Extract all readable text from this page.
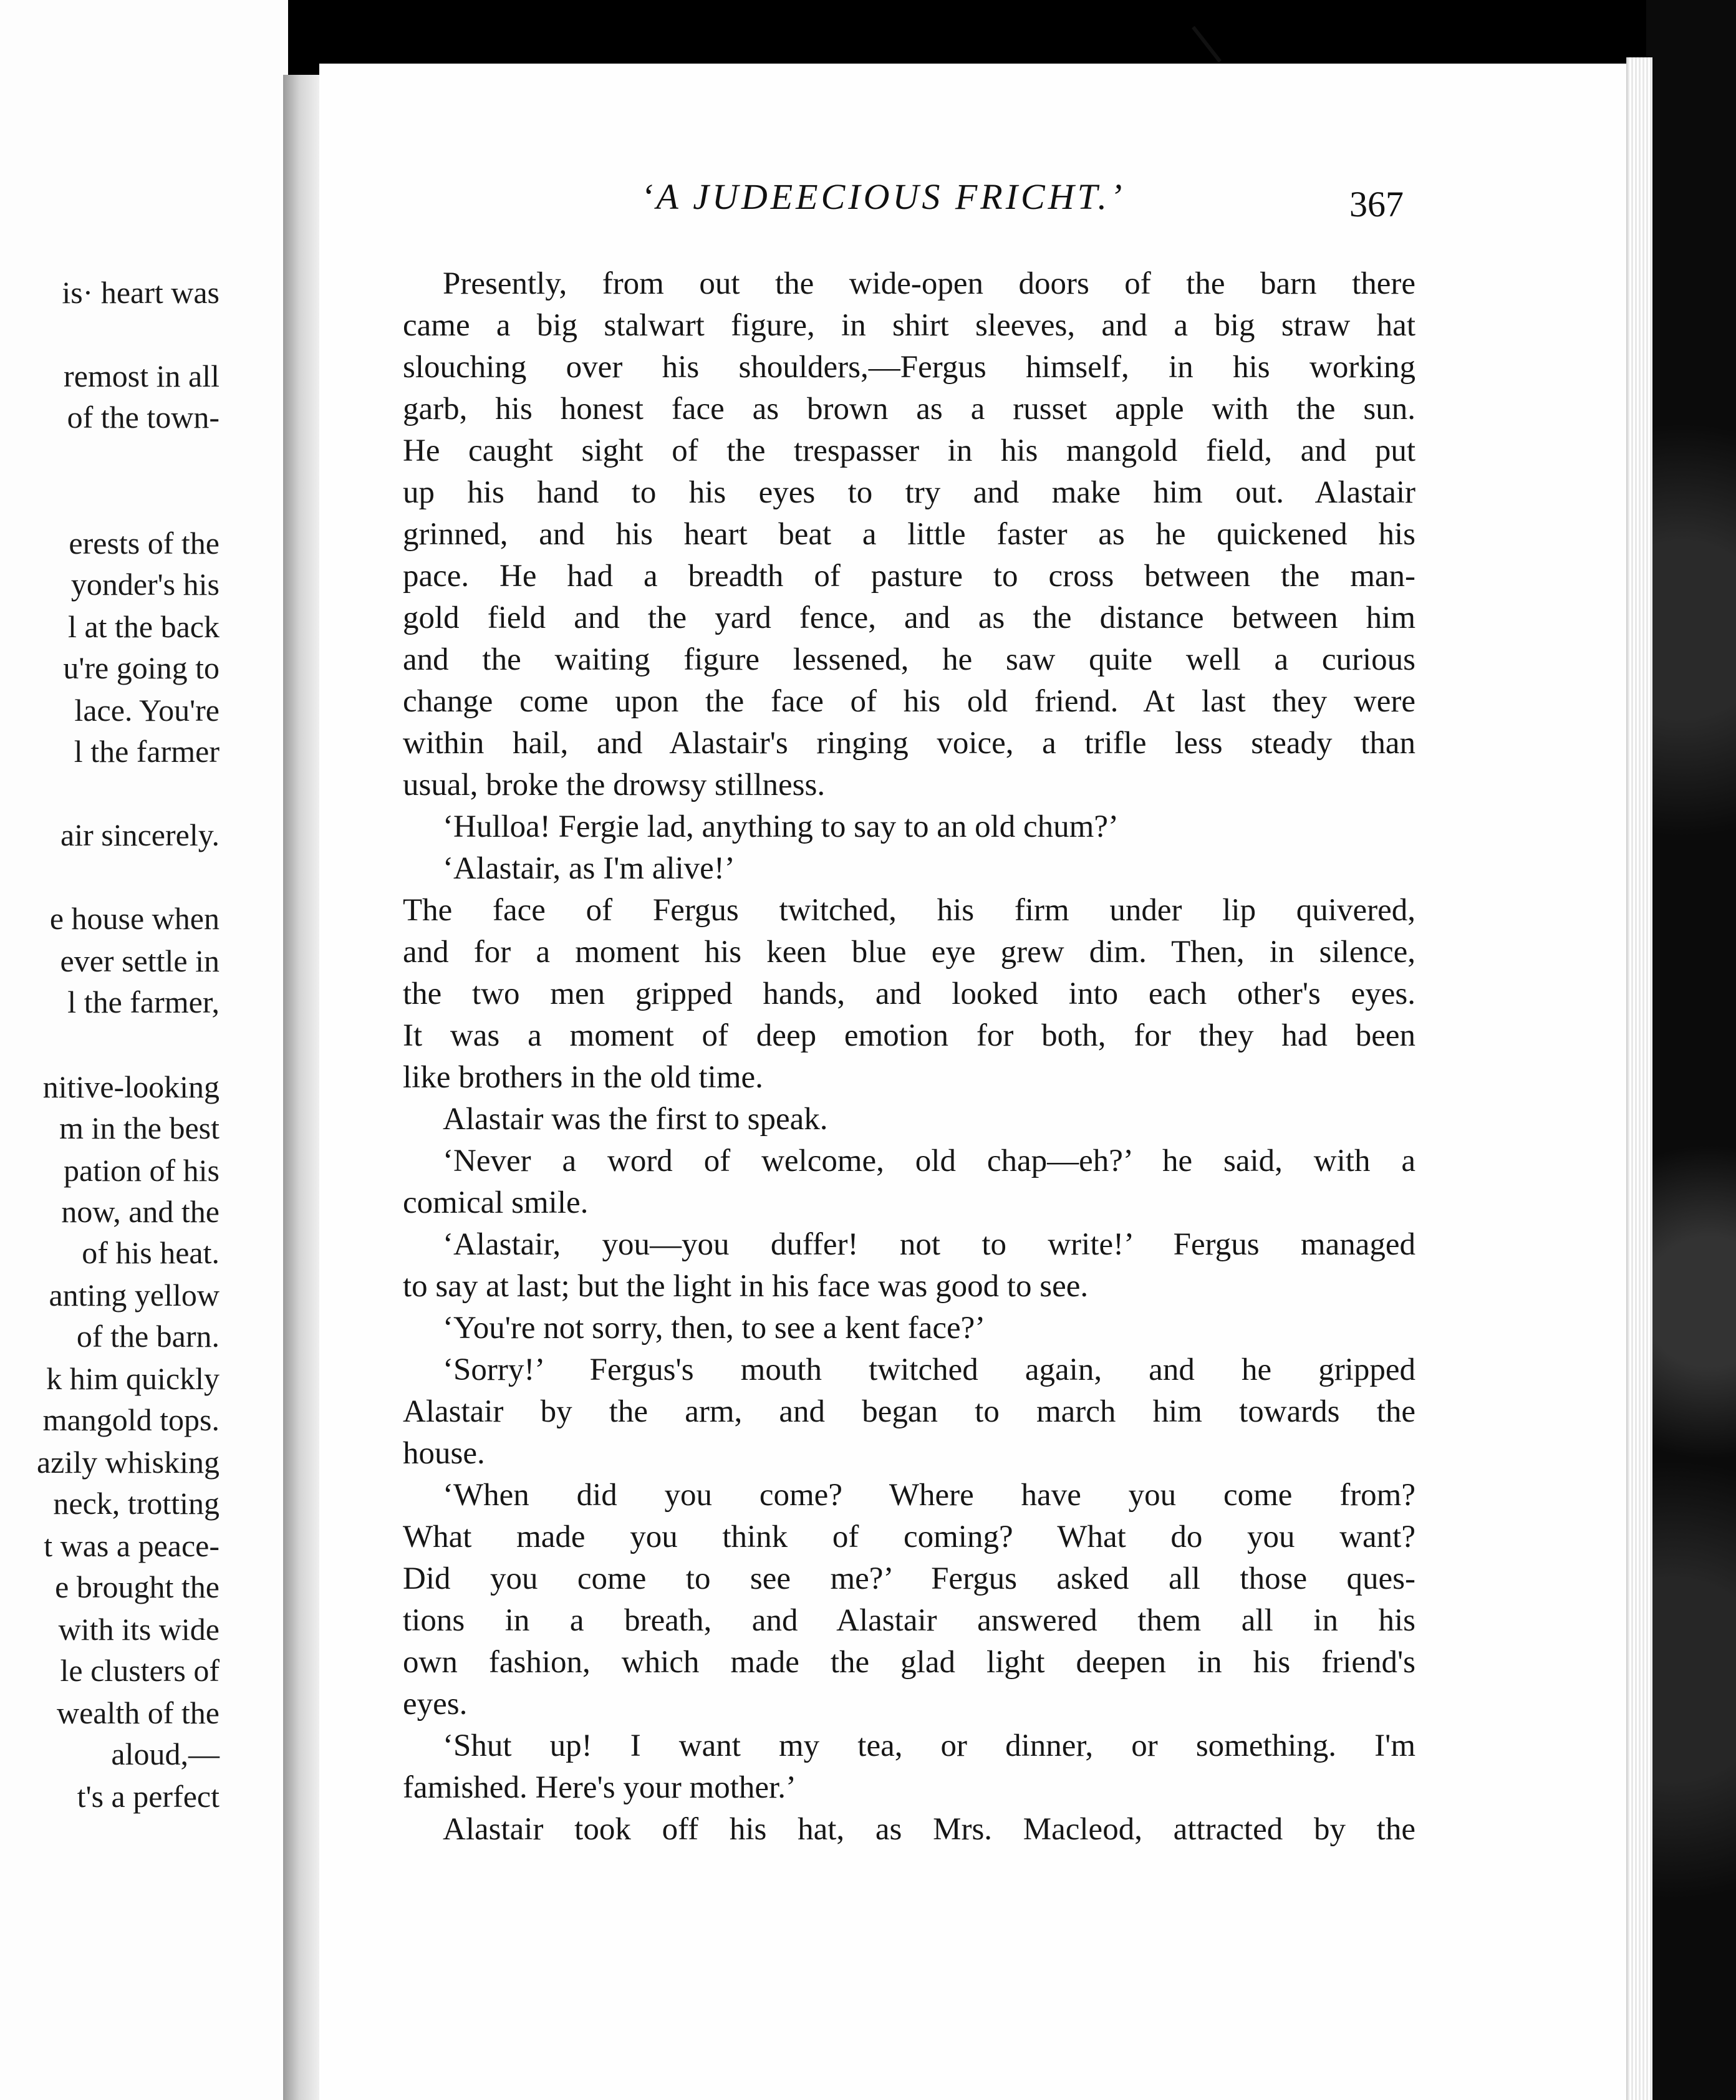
is· heart was
remost in all
of the town-
erests of the
yonder's his
l at the back
u're going to
lace. You're
l the farmer
air sincerely.
e house when
ever settle in
l the farmer,
nitive-looking
m in the best
pation of his
now, and the
of his heat.
anting yellow
of the barn.
k him quickly
mangold tops.
azily whisking
neck, trotting
t was a peace-
e brought the
with its wide
le clusters of
wealth of the
aloud,—
t's a perfect
‘A JUDEECIOUS FRICHT.’	367
Presently, from out the wide-open doors of the barn there
came a big stalwart figure, in shirt sleeves, and a big straw hat
slouching over his shoulders,—Fergus himself, in his working
garb, his honest face as brown as a russet apple with the sun.
He caught sight of the trespasser in his mangold field, and put
up his hand to his eyes to try and make him out. Alastair
grinned, and his heart beat a little faster as he quickened his
pace. He had a breadth of pasture to cross between the man-
gold field and the yard fence, and as the distance between him
and the waiting figure lessened, he saw quite well a curious
change come upon the face of his old friend. At last they were
within hail, and Alastair's ringing voice, a trifle less steady than
usual, broke the drowsy stillness.
‘Hulloa! Fergie lad, anything to say to an old chum?’
‘Alastair, as I'm alive!’
The face of Fergus twitched, his firm under lip quivered,
and for a moment his keen blue eye grew dim. Then, in silence,
the two men gripped hands, and looked into each other's eyes.
It was a moment of deep emotion for both, for they had been
like brothers in the old time.
Alastair was the first to speak.
‘Never a word of welcome, old chap—eh?’ he said, with a
comical smile.
‘Alastair, you—you duffer! not to write!’ Fergus managed
to say at last; but the light in his face was good to see.
‘You're not sorry, then, to see a kent face?’
‘Sorry!’ Fergus's mouth twitched again, and he gripped
Alastair by the arm, and began to march him towards the
house.
‘When did you come? Where have you come from?
What made you think of coming? What do you want?
Did you come to see me?’ Fergus asked all those ques-
tions in a breath, and Alastair answered them all in his
own fashion, which made the glad light deepen in his friend's
eyes.
‘Shut up! I want my tea, or dinner, or something. I'm
famished. Here's your mother.’
Alastair took off his hat, as Mrs. Macleod, attracted by the
